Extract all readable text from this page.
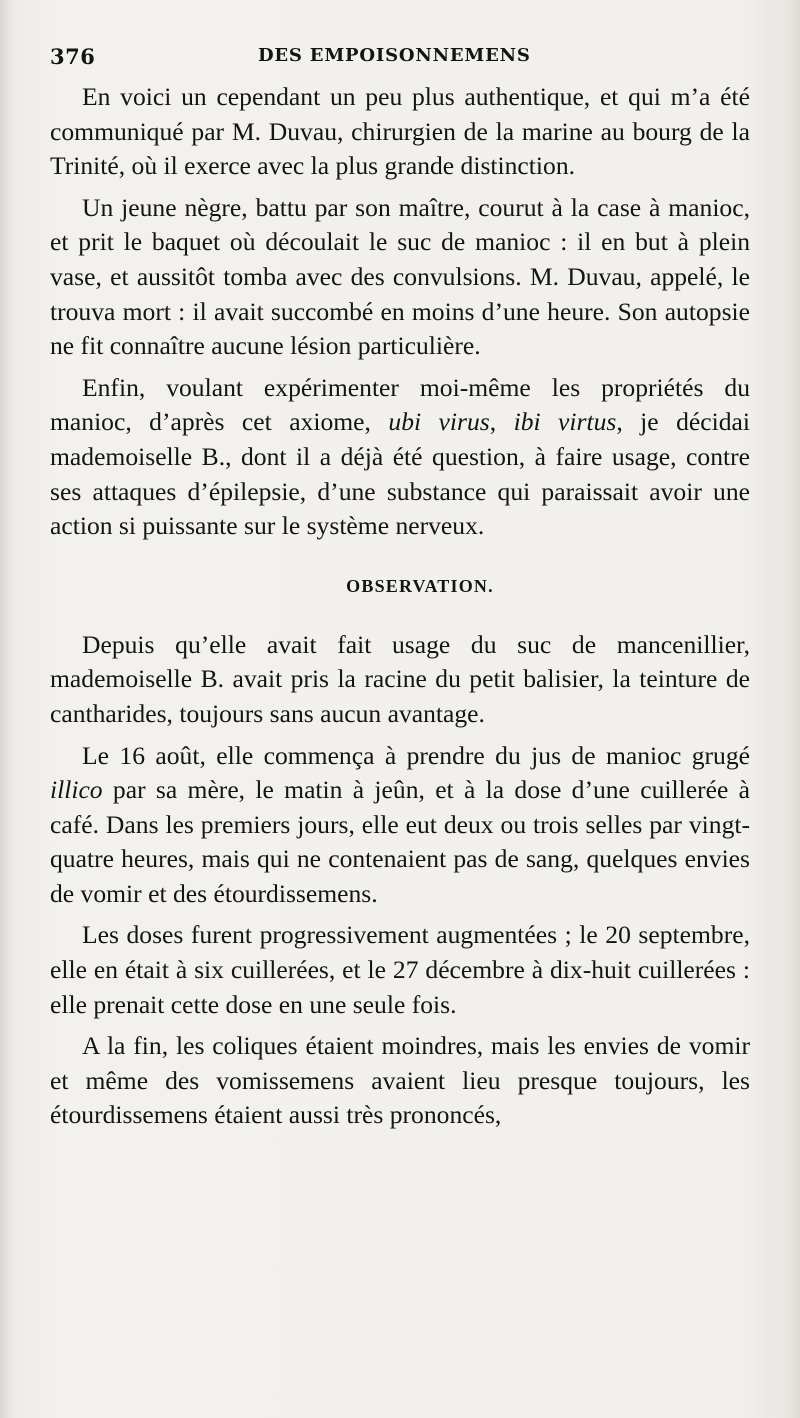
376	DES EMPOISONNEMENS

En voici un cependant un peu plus authentique, et qui m’a été communiqué par M. Duvau, chirurgien de la marine au bourg de la Trinité, où il exerce avec la plus grande distinction.

Un jeune nègre, battu par son maître, courut à la case à manioc, et prit le baquet où découlait le suc de manioc : il en but à plein vase, et aussitôt tomba avec des convulsions. M. Duvau, appelé, le trouva mort : il avait succombé en moins d’une heure. Son autopsie ne fit connaître aucune lésion particulière.

Enfin, voulant expérimenter moi-même les propriétés du manioc, d’après cet axiome, ubi virus, ibi virtus, je décidai mademoiselle B., dont il a déjà été question, à faire usage, contre ses attaques d’épilepsie, d’une substance qui paraissait avoir une action si puissante sur le système nerveux.

OBSERVATION.

Depuis qu’elle avait fait usage du suc de mancenillier, mademoiselle B. avait pris la racine du petit balisier, la teinture de cantharides, toujours sans aucun avantage.

Le 16 août, elle commença à prendre du jus de manioc grugé illico par sa mère, le matin à jeûn, et à la dose d’une cuillerée à café. Dans les premiers jours, elle eut deux ou trois selles par vingt-quatre heures, mais qui ne contenaient pas de sang, quelques envies de vomir et des étourdissemens.

Les doses furent progressivement augmentées ; le 20 septembre, elle en était à six cuillerées, et le 27 décembre à dix-huit cuillerées : elle prenait cette dose en une seule fois.

A la fin, les coliques étaient moindres, mais les envies de vomir et même des vomissemens avaient lieu presque toujours, les étourdissemens étaient aussi très prononcés,
